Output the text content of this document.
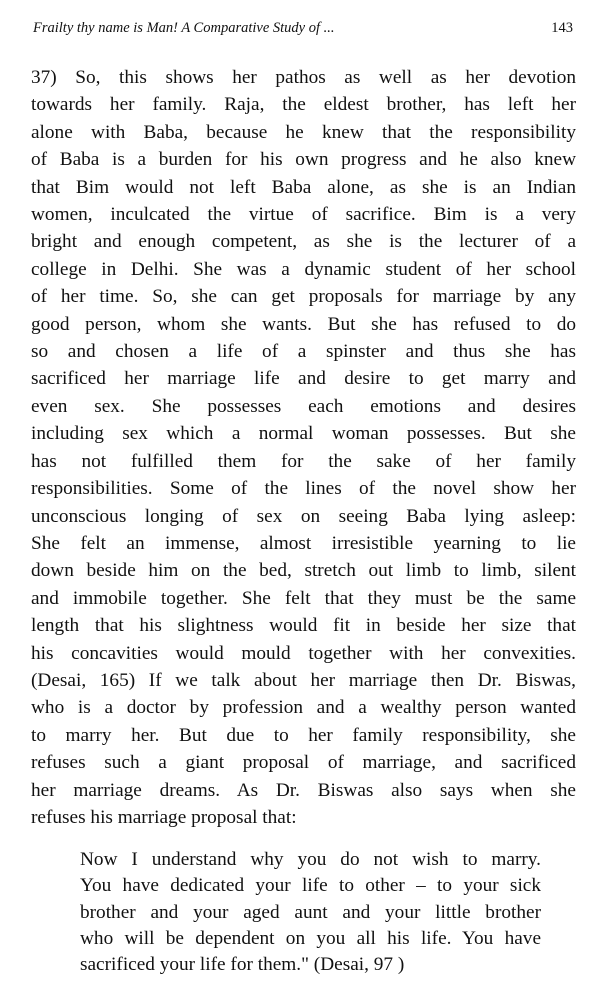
Frailty thy name is Man! A Comparative Study of ...	143

37) So, this shows her pathos as well as her devotion
towards her family. Raja, the eldest brother, has left her
alone with Baba, because he knew that the responsibility
of Baba is a burden for his own progress and he also knew
that Bim would not left Baba alone, as she is an Indian
women, inculcated the virtue of sacrifice. Bim is a very
bright and enough competent, as she is the lecturer of a
college in Delhi. She was a dynamic student of her school
of her time. So, she can get proposals for marriage by any
good person, whom she wants. But she has refused to do
so and chosen a life of a spinster and thus she has
sacrificed her marriage life and desire to get marry and
even sex. She possesses each emotions and desires
including sex which a normal woman possesses. But she
has not fulfilled them for the sake of her family
responsibilities. Some of the lines of the novel show her
unconscious longing of sex on seeing Baba lying asleep:
She felt an immense, almost irresistible yearning to lie
down beside him on the bed, stretch out limb to limb, silent
and immobile together. She felt that they must be the same
length that his slightness would fit in beside her size that
his concavities would mould together with her convexities.
(Desai, 165) If we talk about her marriage then Dr. Biswas,
who is a doctor by profession and a wealthy person wanted
to marry her. But due to her family responsibility, she
refuses such a giant proposal of marriage, and sacrificed
her marriage dreams. As Dr. Biswas also says when she
refuses his marriage proposal that:

Now I understand why you do not wish to marry.
You have dedicated your life to other – to your sick
brother and your aged aunt and your little brother
who will be dependent on you all his life. You have
sacrificed your life for them." (Desai, 97 )
